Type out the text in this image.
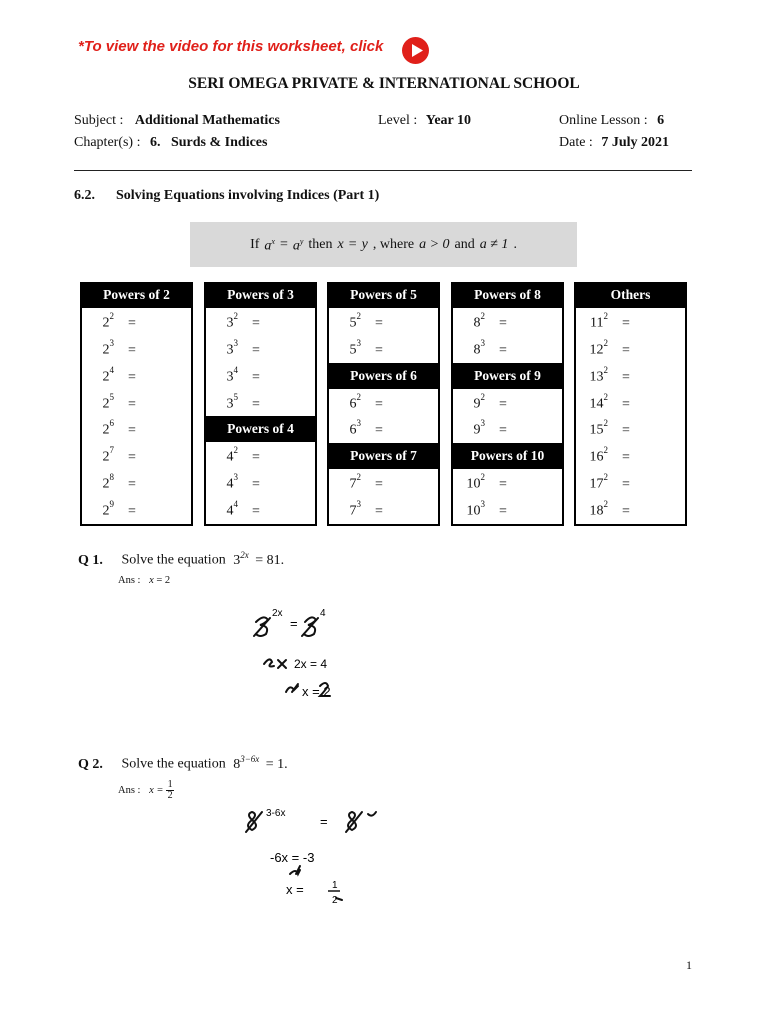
*To view the video for this worksheet, click
SERI OMEGA PRIVATE & INTERNATIONAL SCHOOL
Subject : Additional Mathematics	Level : Year 10	Online Lesson : 6
Chapter(s) : 6.   Surds & Indices	Date : 7 July 2021
6.2. Solving Equations involving Indices (Part 1)
If $a^x = a^y$ then x = y , where a > 0 and a ≠ 1 .
Powers of 2
$2^2$ =
$2^3$ =
$2^4$ =
$2^5$ =
$2^6$ =
$2^7$ =
$2^8$ =
$2^9$ =
Powers of 3
$3^2$ =
$3^3$ =
$3^4$ =
$3^5$ =
Powers of 4
$4^2$ =
$4^3$ =
$4^4$ =
Powers of 5
$5^2$ =
$5^3$ =
Powers of 6
$6^2$ =
$6^3$ =
Powers of 7
$7^2$ =
$7^3$ =
Powers of 8
$8^2$ =
$8^3$ =
Powers of 9
$9^2$ =
$9^3$ =
Powers of 10
$10^2$ =
$10^3$ =
Others
$11^2$ =
$12^2$ =
$13^2$ =
$14^2$ =
$15^2$ =
$16^2$ =
$17^2$ =
$18^2$ =
Q 1. Solve the equation $3^{2x} = 81$.
Ans : x = 2
2x
=
4
2x = 4
x = 2
Q 2. Solve the equation $8^{3-6x} = 1$.
Ans : $x = \frac{1}{2}$
3-6x
=
-6x = -3
x =	1
2
1
